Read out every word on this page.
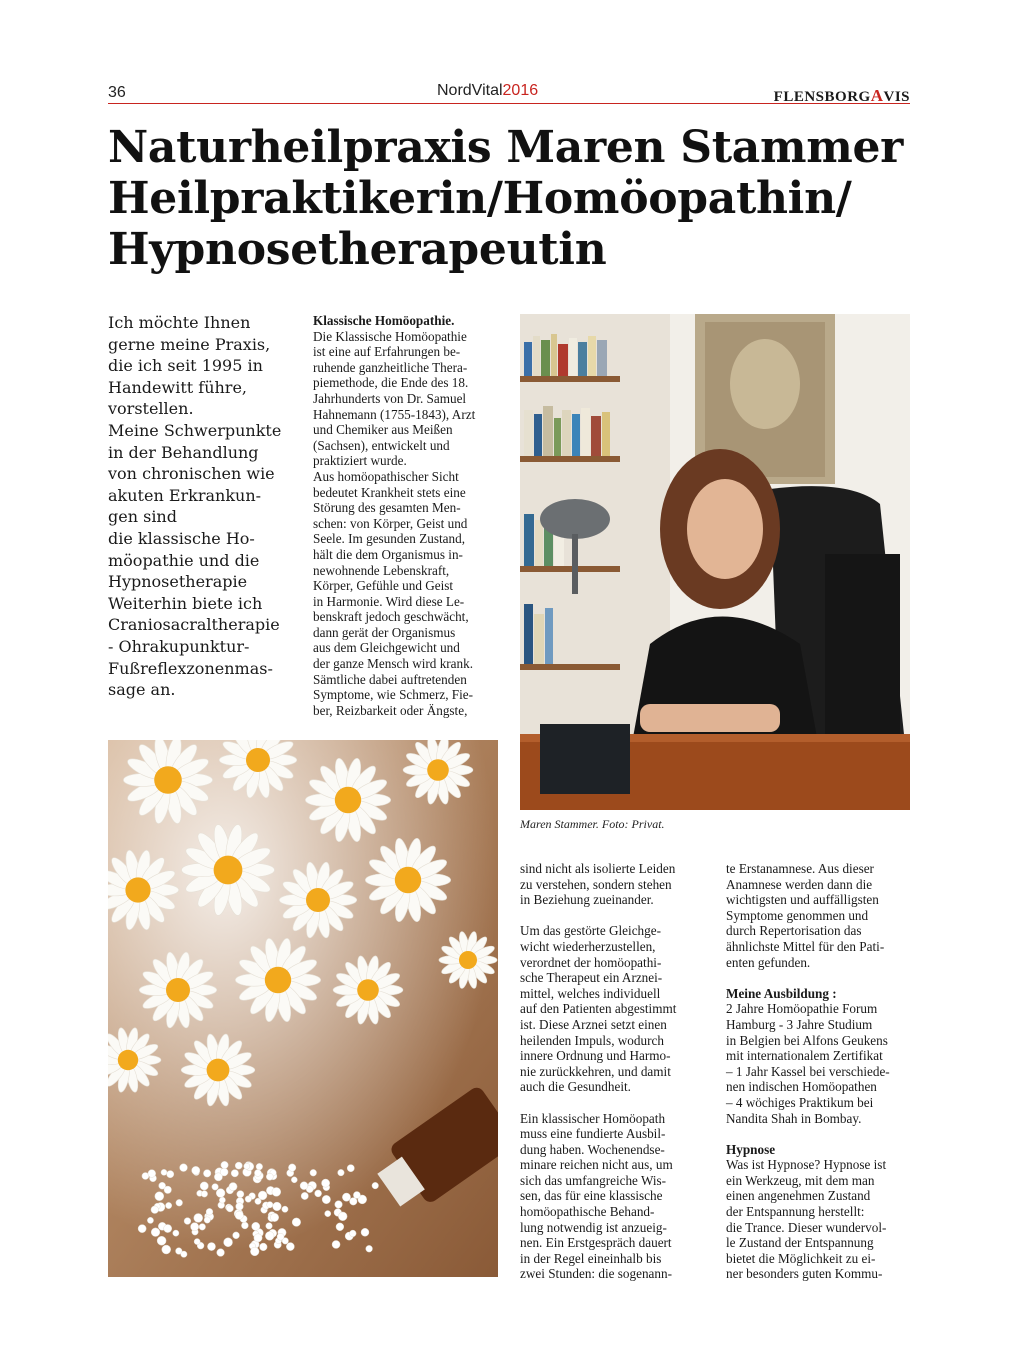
36	NordVital2016	FLENSBORGAVIS
Naturheilpraxis Maren Stammer
Heilpraktikerin/Homöopathin/
Hypnosetherapeutin
Ich möchte Ihnen
gerne meine Praxis,
die ich seit 1995 in
Handewitt führe,
vorstellen.
Meine Schwerpunkte
in der Behandlung
von chronischen wie
akuten Erkrankun-
gen sind
die klassische Ho-
möopathie und die
Hypnosetherapie
Weiterhin biete ich
Craniosacraltherapie
- Ohrakupunktur-
Fußreflexzonenmas-
sage an.
Klassische Homöopathie.
Die Klassische Homöopathie
ist eine auf Erfahrungen be-
ruhende ganzheitliche Thera-
piemethode, die Ende des 18.
Jahrhunderts von Dr. Samuel
Hahnemann (1755-1843), Arzt
und Chemiker aus Meißen
(Sachsen), entwickelt und
praktiziert wurde.
Aus homöopathischer Sicht
bedeutet Krankheit stets eine
Störung des gesamten Men-
schen: von Körper, Geist und
Seele. Im gesunden Zustand,
hält die dem Organismus in-
newohnende Lebenskraft,
Körper, Gefühle und Geist
in Harmonie. Wird diese Le-
benskraft jedoch geschwächt,
dann gerät der Organismus
aus dem Gleichgewicht und
der ganze Mensch wird krank.
Sämtliche dabei auftretenden
Symptome, wie Schmerz, Fie-
ber, Reizbarkeit oder Ängste,
Maren Stammer. Foto: Privat.
sind nicht als isolierte Leiden
zu verstehen, sondern stehen
in Beziehung zueinander.
Um das gestörte Gleichge-
wicht wiederherzustellen,
verordnet der homöopathi-
sche Therapeut ein Arznei-
mittel, welches individuell
auf den Patienten abgestimmt
ist. Diese Arznei setzt einen
heilenden Impuls, wodurch
innere Ordnung und Harmo-
nie zurückkehren, und damit
auch die Gesundheit.
Ein klassischer Homöopath
muss eine fundierte Ausbil-
dung haben. Wochenendse-
minare reichen nicht aus, um
sich das umfangreiche Wis-
sen, das für eine klassische
homöopathische Behand-
lung notwendig ist anzueig-
nen. Ein Erstgespräch dauert
in der Regel eineinhalb bis
zwei Stunden: die sogenann-
te Erstanamnese. Aus dieser
Anamnese werden dann die
wichtigsten und auffälligsten
Symptome genommen und
durch Repertorisation das
ähnlichste Mittel für den Pati-
enten gefunden.
Meine Ausbildung :
2 Jahre Homöopathie Forum
Hamburg - 3 Jahre Studium
in Belgien bei Alfons Geukens
mit internationalem Zertifikat
– 1 Jahr Kassel bei verschiede-
nen indischen Homöopathen
– 4 wöchiges Praktikum bei
Nandita Shah in Bombay.
Hypnose
Was ist Hypnose? Hypnose ist
ein Werkzeug, mit dem man
einen angenehmen Zustand
der Entspannung herstellt:
die Trance. Dieser wundervol-
le Zustand der Entspannung
bietet die Möglichkeit zu ei-
ner besonders guten Kommu-
